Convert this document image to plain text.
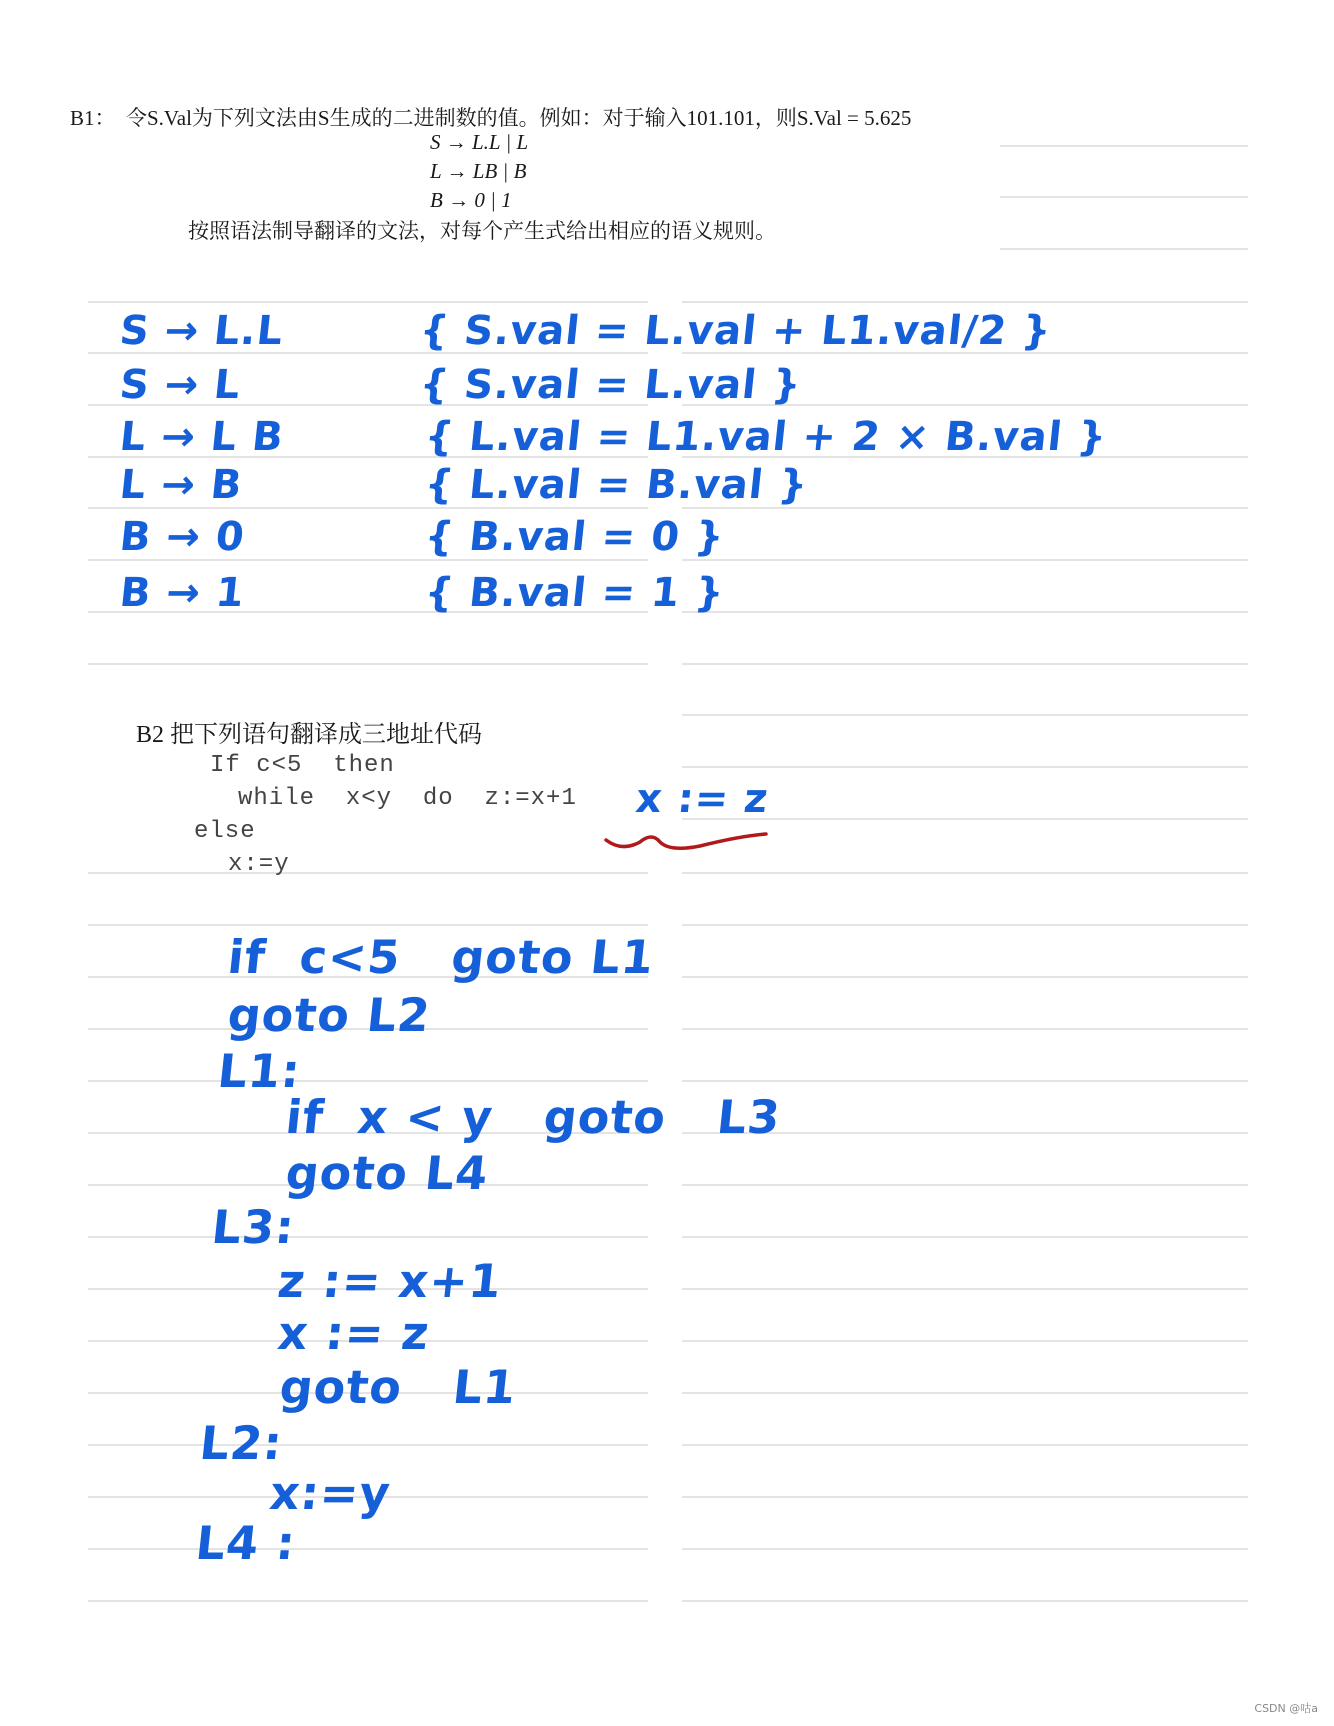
B1：  令S.Val为下列文法由S生成的二进制数的值。例如：对于输入101.101，则S.Val = 5.625
S → L.L | L
L → LB | B
B → 0 | 1
按照语法制导翻译的文法，对每个产生式给出相应的语义规则。
S → L.L	{ S.val = L.val + L1.val/2 }
S → L	{ S.val = L.val }
L → L B	{ L.val = L1.val + 2 × B.val }
L → B	{ L.val = B.val }
B → 0	{ B.val = 0 }
B → 1	{ B.val = 1 }
B2 把下列语句翻译成三地址代码
If c<5  then
while  x<y  do  z:=x+1
else
x:=y
x := z
if  c<5   goto L1
goto L2
L1:
if  x < y   goto   L3
goto L4
L3:
z := x+1
x := z
goto   L1
L2:
x:=y
L4 :
CSDN @咕a
